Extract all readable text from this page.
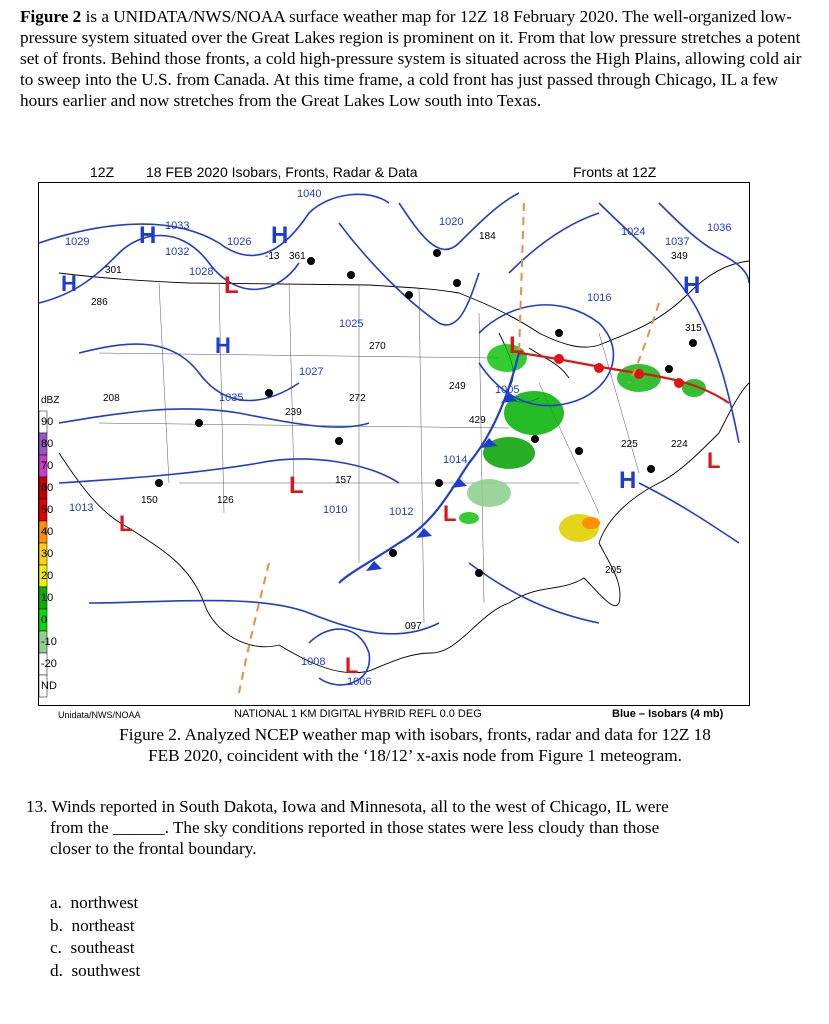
Figure 2 is a UNIDATA/NWS/NOAA surface weather map for 12Z 18 February 2020. The well-organized low-pressure system situated over the Great Lakes region is prominent on it. From that low pressure stretches a potent set of fronts. Behind those fronts, a cold high-pressure system is situated across the High Plains, allowing cold air to sweep into the U.S. from Canada. At this time frame, a cold front has just passed through Chicago, IL a few hours earlier and now stretches from the Great Lakes Low south into Texas.
12Z 18 FEB 2020 Isobars, Fronts, Radar & Data	Fronts at 12Z
dBZ
90
80
70
60
50
40
30
20
10
0
-10
-20
ND
H	H
H
H
H
H
L
L
L
L	L
L
L
1040
1036
1033
1032
1029
1028
1026
1024
1020
1016
1013	1012
1010
1008
1006
1005
1014
1027
1025
1037
1035
-13 361
184
301
286
270
272
249
208
239
225	224
315
349
429
097
205
150	126
157
Unidata/NWS/NOAA	NATIONAL 1 KM DIGITAL HYBRID REFL 0.0 DEG	Blue – Isobars (4 mb)
Figure 2. Analyzed NCEP weather map with isobars, fronts, radar and data for 12Z 18
FEB 2020, coincident with the ‘18/12’ x-axis node from Figure 1 meteogram.
13. Winds reported in South Dakota, Iowa and Minnesota, all to the west of Chicago, IL were
from the ______. The sky conditions reported in those states were less cloudy than those
closer to the frontal boundary.
a. northwest
b. northeast
c. southeast
d. southwest
